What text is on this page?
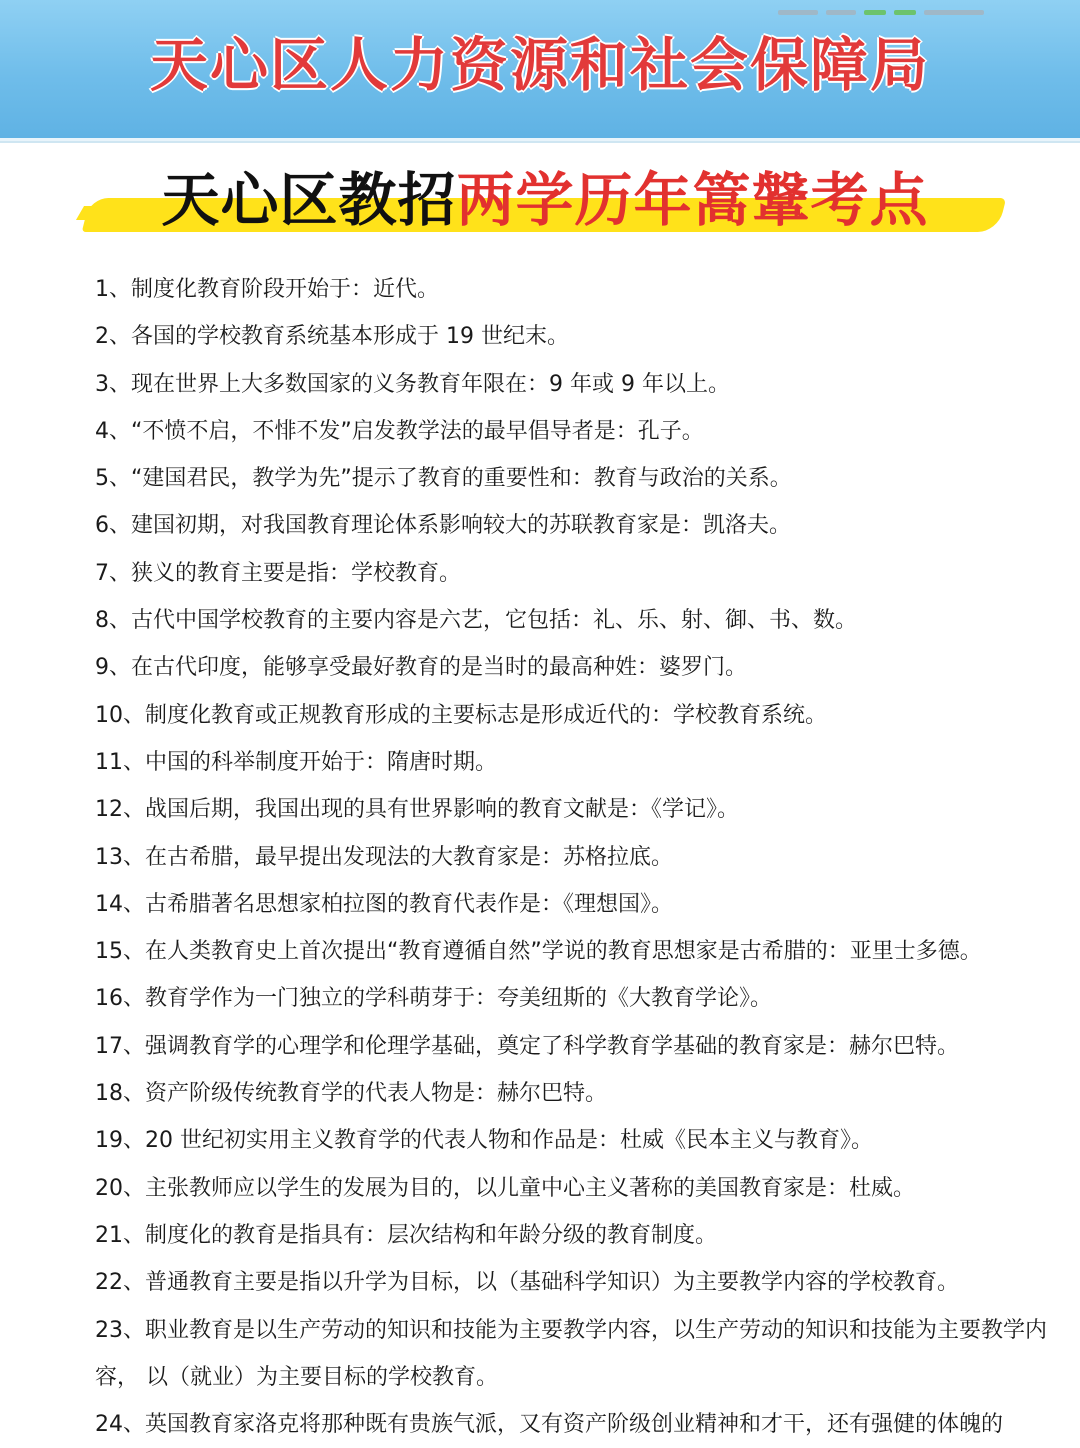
天心区人力资源和社会保障局
天心区教招两学历年篙鞶考点
1、制度化教育阶段开始于：近代。
2、各国的学校教育系统基本形成于 19 世纪末。
3、现在世界上大多数国家的义务教育年限在：9 年或 9 年以上。
4、“不愤不启，不悱不发”启发教学法的最早倡导者是：孔子。
5、“建国君民，教学为先”提示了教育的重要性和：教育与政治的关系。
6、建国初期，对我国教育理论体系影响较大的苏联教育家是：凯洛夫。
7、狭义的教育主要是指：学校教育。
8、古代中国学校教育的主要内容是六艺，它包括：礼、乐、射、御、书、数。
9、在古代印度，能够享受最好教育的是当时的最高种姓：婆罗门。
10、制度化教育或正规教育形成的主要标志是形成近代的：学校教育系统。
11、中国的科举制度开始于：隋唐时期。
12、战国后期，我国出现的具有世界影响的教育文献是：《学记》。
13、在古希腊，最早提出发现法的大教育家是：苏格拉底。
14、古希腊著名思想家柏拉图的教育代表作是：《理想国》。
15、在人类教育史上首次提出“教育遵循自然”学说的教育思想家是古希腊的：亚里士多德。
16、教育学作为一门独立的学科萌芽于：夸美纽斯的《大教育学论》。
17、强调教育学的心理学和伦理学基础，奠定了科学教育学基础的教育家是：赫尔巴特。
18、资产阶级传统教育学的代表人物是：赫尔巴特。
19、20 世纪初实用主义教育学的代表人物和作品是：杜威《民本主义与教育》。
20、主张教师应以学生的发展为目的，以儿童中心主义著称的美国教育家是：杜威。
21、制度化的教育是指具有：层次结构和年龄分级的教育制度。
22、普通教育主要是指以升学为目标，以（基础科学知识）为主要教学内容的学校教育。
23、职业教育是以生产劳动的知识和技能为主要教学内容，以生产劳动的知识和技能为主要教学内容， 以（就业）为主要目标的学校教育。
24、英国教育家洛克将那种既有贵族气派，又有资产阶级创业精神和才干，还有强健的体魄的
